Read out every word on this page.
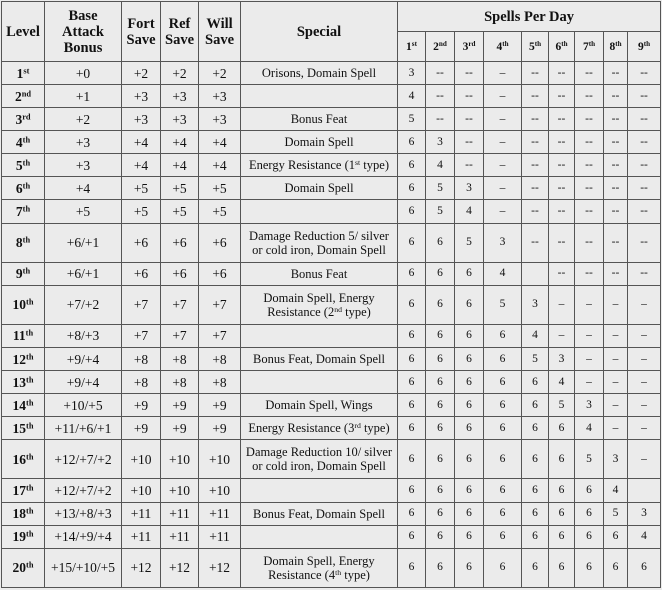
Level	Base
Attack
Bonus	Fort
Save	Ref
Save	Will
Save	Special	Spells Per Day								
						1st	2nd	3rd	4th	5th	6th	7th	8th	9th
1st	+0	+2	+2	+2	Orisons, Domain Spell	3	--	--	–	--	--	--	--	--
2nd	+1	+3	+3	+3		4	--	--	–	--	--	--	--	--
3rd	+2	+3	+3	+3	Bonus Feat	5	--	--	–	--	--	--	--	--
4th	+3	+4	+4	+4	Domain Spell	6	3	--	–	--	--	--	--	--
5th	+3	+4	+4	+4	Energy Resistance (1st type)	6	4	--	–	--	--	--	--	--
6th	+4	+5	+5	+5	Domain Spell	6	5	3	–	--	--	--	--	--
7th	+5	+5	+5	+5		6	5	4	–	--	--	--	--	--
8th	+6/+1	+6	+6	+6	Damage Reduction 5/ silver or cold iron, Domain Spell	6	6	5	3	--	--	--	--	--
9th	+6/+1	+6	+6	+6	Bonus Feat	6	6	6	4		--	--	--	--
10th	+7/+2	+7	+7	+7	Domain Spell, Energy Resistance (2nd type)	6	6	6	5	3	–	–	–	–
11th	+8/+3	+7	+7	+7		6	6	6	6	4	–	–	–	–
12th	+9/+4	+8	+8	+8	Bonus Feat, Domain Spell	6	6	6	6	5	3	–	–	–
13th	+9/+4	+8	+8	+8		6	6	6	6	6	4	–	–	–
14th	+10/+5	+9	+9	+9	Domain Spell, Wings	6	6	6	6	6	5	3	–	–
15th	+11/+6/+1	+9	+9	+9	Energy Resistance (3rd type)	6	6	6	6	6	6	4	–	–
16th	+12/+7/+2	+10	+10	+10	Damage Reduction 10/ silver or cold iron, Domain Spell	6	6	6	6	6	6	5	3	–
17th	+12/+7/+2	+10	+10	+10		6	6	6	6	6	6	6	4	
18th	+13/+8/+3	+11	+11	+11	Bonus Feat, Domain Spell	6	6	6	6	6	6	6	5	3
19th	+14/+9/+4	+11	+11	+11		6	6	6	6	6	6	6	6	4
20th	+15/+10/+5	+12	+12	+12	Domain Spell, Energy Resistance (4th type)	6	6	6	6	6	6	6	6	6
